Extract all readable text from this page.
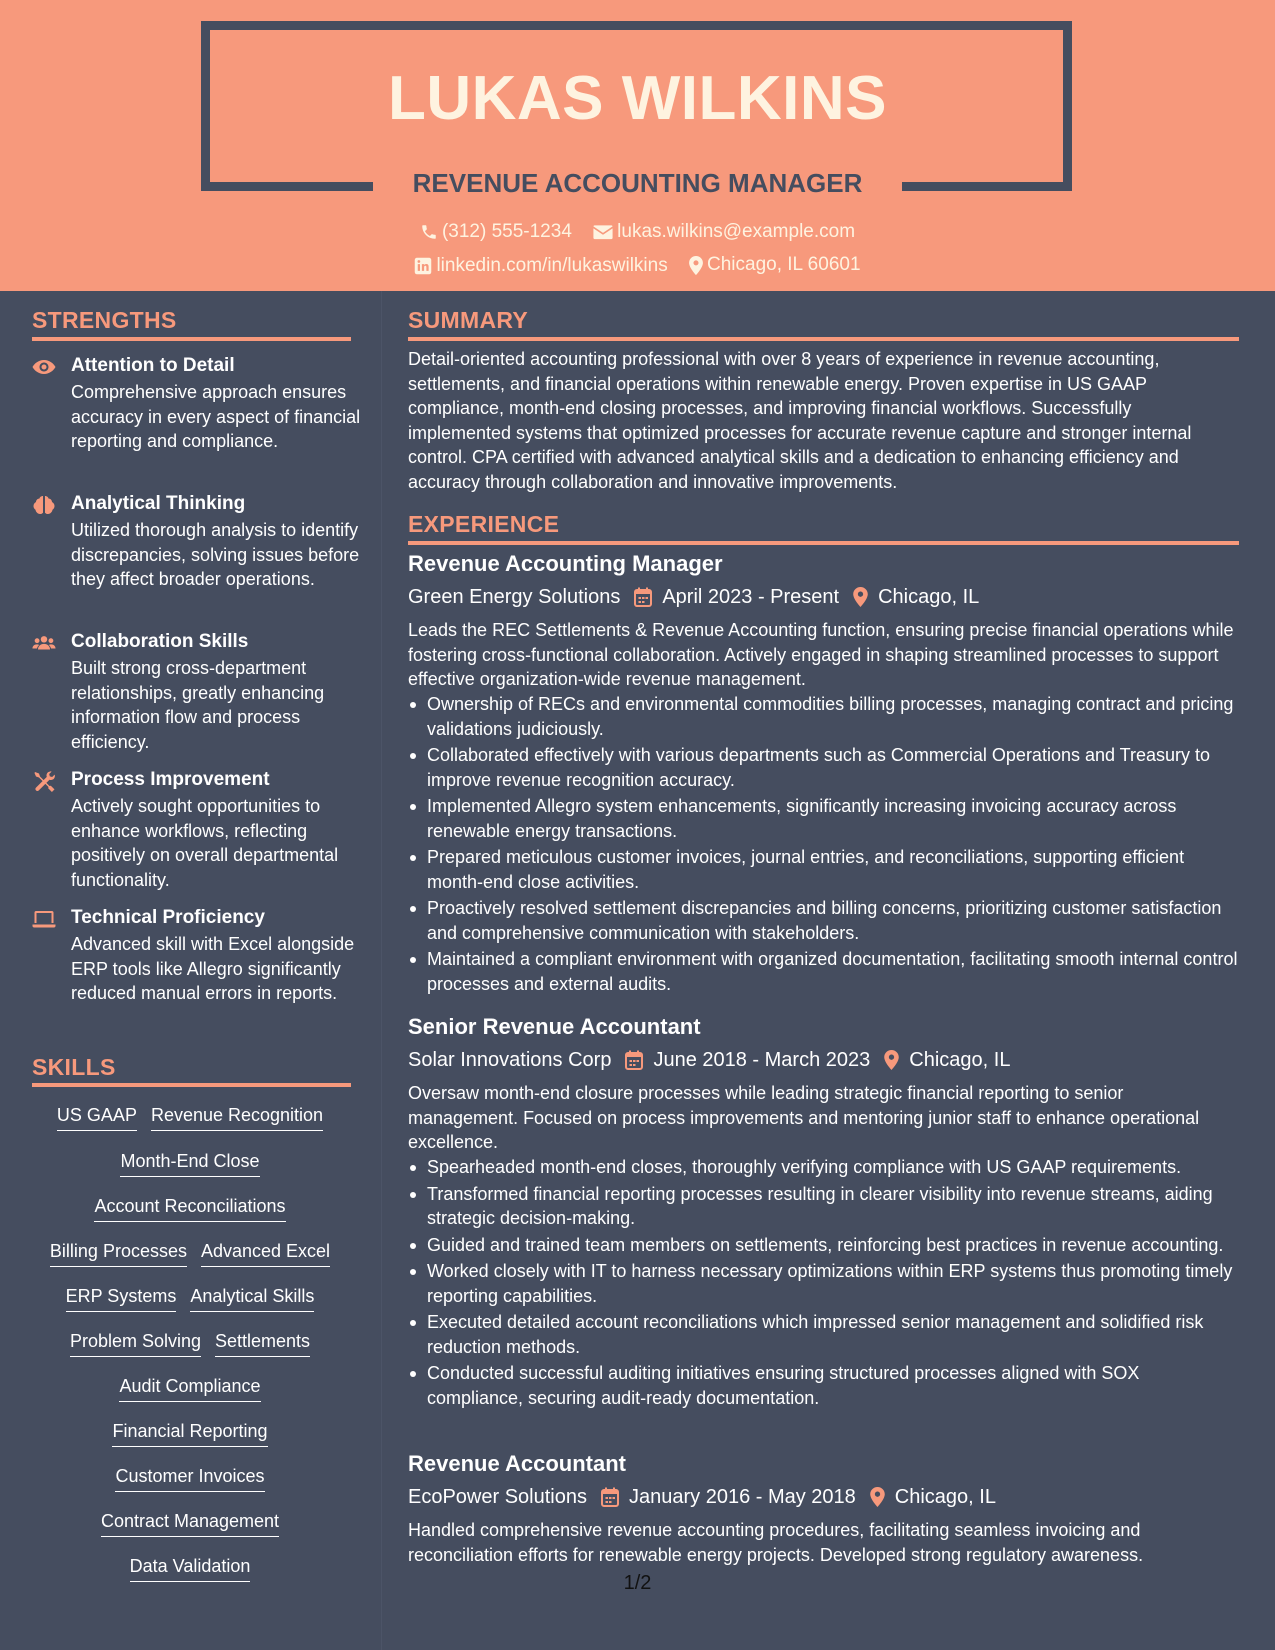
LUKAS WILKINS
REVENUE ACCOUNTING MANAGER
(312) 555-1234
lukas.wilkins@example.com
linkedin.com/in/lukaswilkins
Chicago, IL 60601
STRENGTHS
Attention to Detail
Comprehensive approach ensures accuracy in every aspect of financial reporting and compliance.
Analytical Thinking
Utilized thorough analysis to identify discrepancies, solving issues before they affect broader operations.
Collaboration Skills
Built strong cross-department relationships, greatly enhancing information flow and process efficiency.
Process Improvement
Actively sought opportunities to enhance workflows, reflecting positively on overall departmental functionality.
Technical Proficiency
Advanced skill with Excel alongside ERP tools like Allegro significantly reduced manual errors in reports.
SKILLS
US GAAP Revenue Recognition
Month-End Close
Account Reconciliations
Billing Processes Advanced Excel
ERP Systems Analytical Skills
Problem Solving Settlements
Audit Compliance
Financial Reporting
Customer Invoices
Contract Management
Data Validation
SUMMARY
Detail-oriented accounting professional with over 8 years of experience in revenue accounting, settlements, and financial operations within renewable energy. Proven expertise in US GAAP compliance, month-end closing processes, and improving financial workflows. Successfully implemented systems that optimized processes for accurate revenue capture and stronger internal control. CPA certified with advanced analytical skills and a dedication to enhancing efficiency and accuracy through collaboration and innovative improvements.
EXPERIENCE
Revenue Accounting Manager
Green Energy Solutions April 2023 - Present Chicago, IL
Leads the REC Settlements & Revenue Accounting function, ensuring precise financial operations while fostering cross-functional collaboration. Actively engaged in shaping streamlined processes to support effective organization-wide revenue management.
Ownership of RECs and environmental commodities billing processes, managing contract and pricing validations judiciously.
Collaborated effectively with various departments such as Commercial Operations and Treasury to improve revenue recognition accuracy.
Implemented Allegro system enhancements, significantly increasing invoicing accuracy across renewable energy transactions.
Prepared meticulous customer invoices, journal entries, and reconciliations, supporting efficient month-end close activities.
Proactively resolved settlement discrepancies and billing concerns, prioritizing customer satisfaction and comprehensive communication with stakeholders.
Maintained a compliant environment with organized documentation, facilitating smooth internal control processes and external audits.
Senior Revenue Accountant
Solar Innovations Corp June 2018 - March 2023 Chicago, IL
Oversaw month-end closure processes while leading strategic financial reporting to senior management. Focused on process improvements and mentoring junior staff to enhance operational excellence.
Spearheaded month-end closes, thoroughly verifying compliance with US GAAP requirements.
Transformed financial reporting processes resulting in clearer visibility into revenue streams, aiding strategic decision-making.
Guided and trained team members on settlements, reinforcing best practices in revenue accounting.
Worked closely with IT to harness necessary optimizations within ERP systems thus promoting timely reporting capabilities.
Executed detailed account reconciliations which impressed senior management and solidified risk reduction methods.
Conducted successful auditing initiatives ensuring structured processes aligned with SOX compliance, securing audit-ready documentation.
Revenue Accountant
EcoPower Solutions January 2016 - May 2018 Chicago, IL
Handled comprehensive revenue accounting procedures, facilitating seamless invoicing and reconciliation efforts for renewable energy projects. Developed strong regulatory awareness.
1/2
